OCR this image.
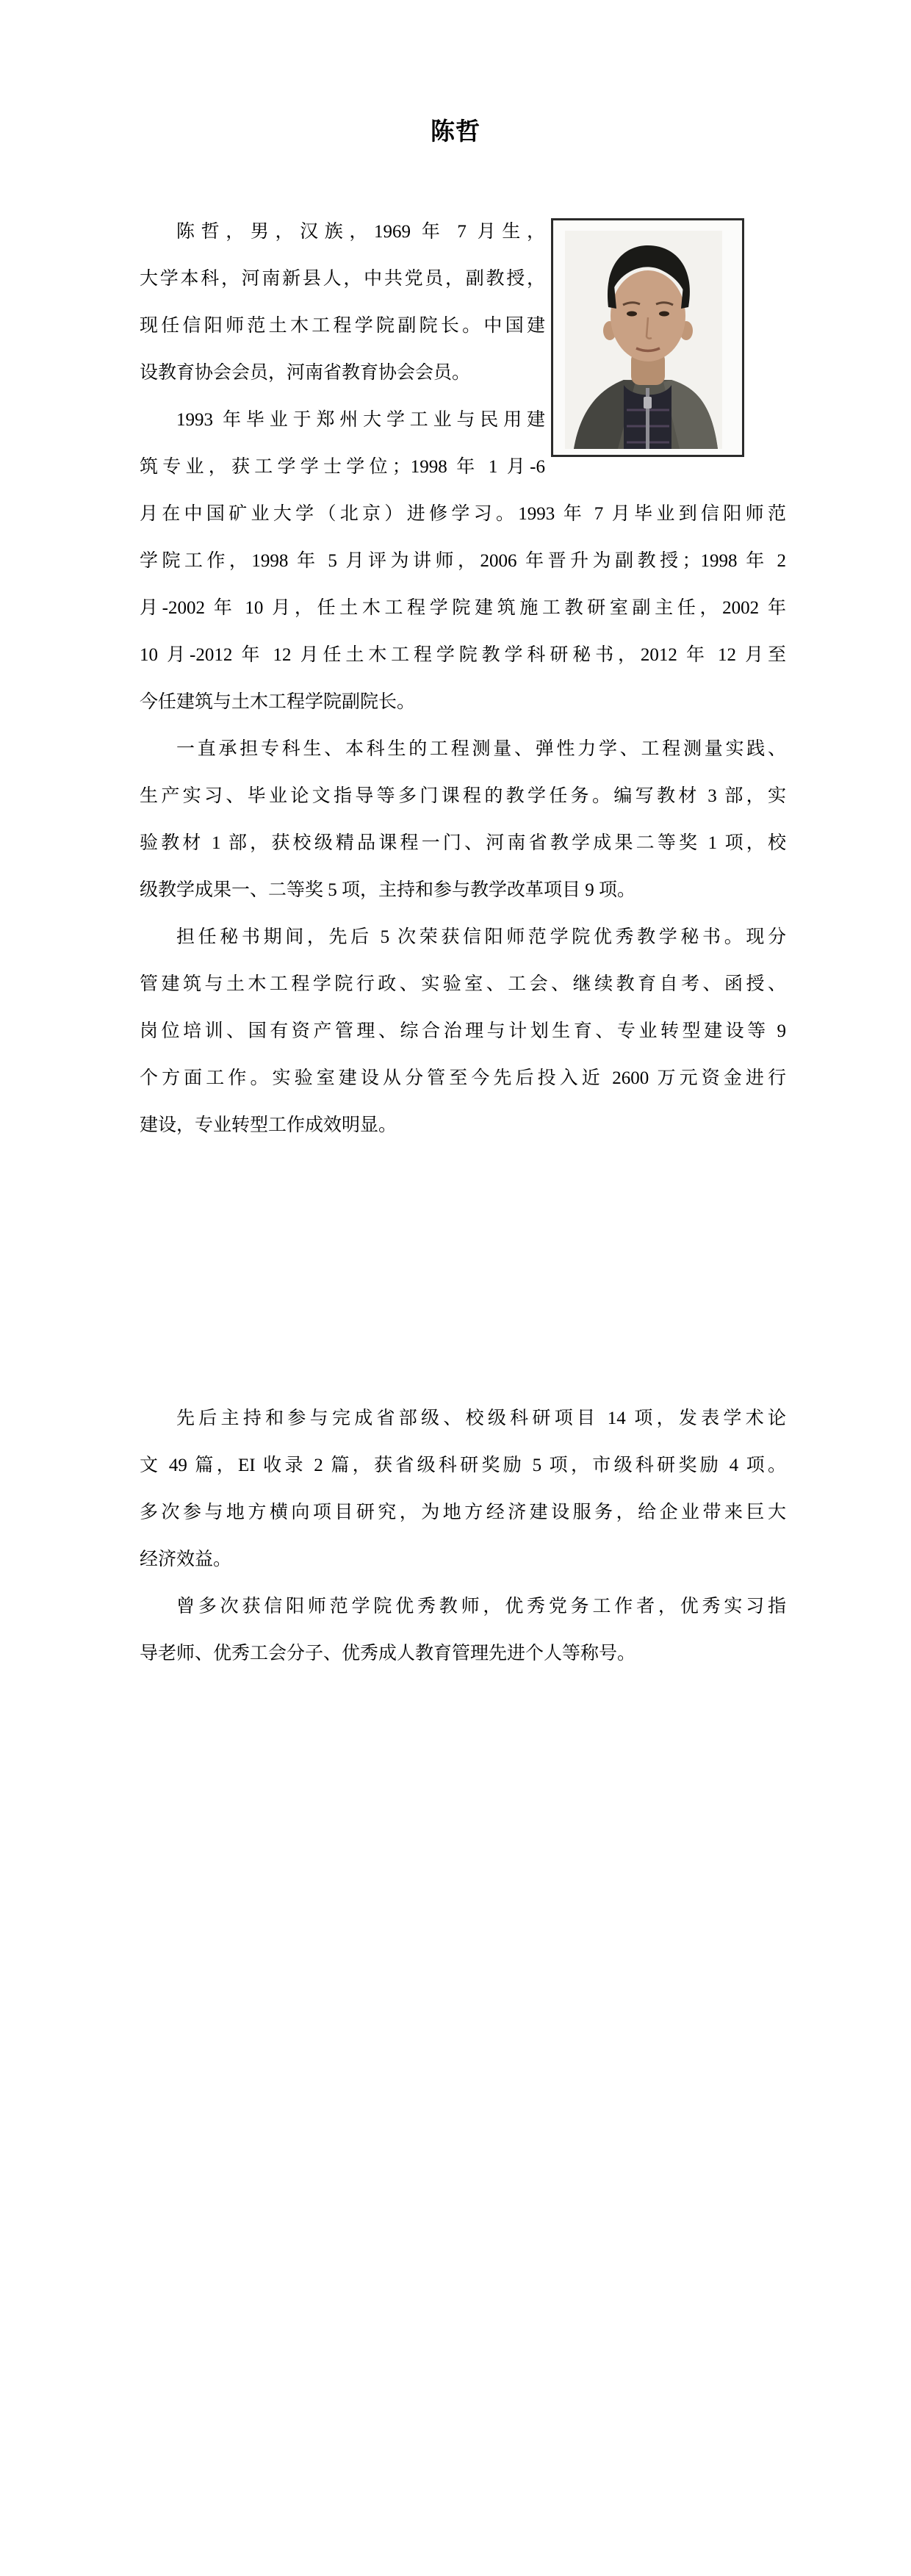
陈哲

陈哲，男，汉族，1969 年 7 月生，
大学本科，河南新县人，中共党员，副教授，
现任信阳师范土木工程学院副院长。中国建
设教育协会会员，河南省教育协会会员。

1993 年毕业于郑州大学工业与民用建
筑专业，获工学学士学位；1998 年 1 月-6
月在中国矿业大学（北京）进修学习。1993 年 7 月毕业到信阳师范
学院工作，1998 年 5 月评为讲师，2006 年晋升为副教授；1998 年 2
月-2002 年 10 月，任土木工程学院建筑施工教研室副主任，2002 年
10 月-2012 年 12 月任土木工程学院教学科研秘书，2012 年 12 月至
今任建筑与土木工程学院副院长。

一直承担专科生、本科生的工程测量、弹性力学、工程测量实践、
生产实习、毕业论文指导等多门课程的教学任务。编写教材 3 部，实
验教材 1 部，获校级精品课程一门、河南省教学成果二等奖 1 项，校
级教学成果一、二等奖 5 项，主持和参与教学改革项目 9 项。

担任秘书期间，先后 5 次荣获信阳师范学院优秀教学秘书。现分
管建筑与土木工程学院行政、实验室、工会、继续教育自考、函授、
岗位培训、国有资产管理、综合治理与计划生育、专业转型建设等 9
个方面工作。实验室建设从分管至今先后投入近 2600 万元资金进行
建设，专业转型工作成效明显。

先后主持和参与完成省部级、校级科研项目 14 项，发表学术论
文 49 篇，EI 收录 2 篇，获省级科研奖励 5 项，市级科研奖励 4 项。
多次参与地方横向项目研究，为地方经济建设服务，给企业带来巨大
经济效益。

曾多次获信阳师范学院优秀教师，优秀党务工作者，优秀实习指
导老师、优秀工会分子、优秀成人教育管理先进个人等称号。
